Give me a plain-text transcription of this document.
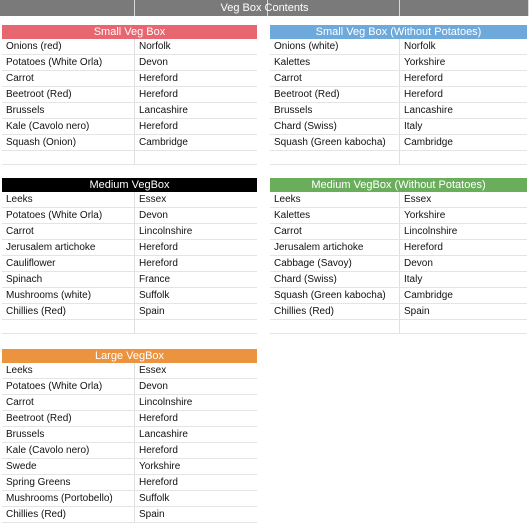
Veg Box Contents
Small Veg Box
Onions (red)	Norfolk
Potatoes (White Orla)	Devon
Carrot	Hereford
Beetroot (Red)	Hereford
Brussels	Lancashire
Kale (Cavolo nero)	Hereford
Squash (Onion)	Cambridge
Small Veg Box (Without Potatoes)
Onions (white)	Norfolk
Kalettes	Yorkshire
Carrot	Hereford
Beetroot (Red)	Hereford
Brussels	Lancashire
Chard (Swiss)	Italy
Squash (Green kabocha)	Cambridge
Medium VegBox
Leeks	Essex
Potatoes (White Orla)	Devon
Carrot	Lincolnshire
Jerusalem artichoke	Hereford
Cauliflower	Hereford
Spinach	France
Mushrooms (white)	Suffolk
Chillies (Red)	Spain
Medium VegBox (Without Potatoes)
Leeks	Essex
Kalettes	Yorkshire
Carrot	Lincolnshire
Jerusalem artichoke	Hereford
Cabbage (Savoy)	Devon
Chard (Swiss)	Italy
Squash (Green kabocha)	Cambridge
Chillies (Red)	Spain
Large VegBox
Leeks	Essex
Potatoes (White Orla)	Devon
Carrot	Lincolnshire
Beetroot (Red)	Hereford
Brussels	Lancashire
Kale (Cavolo nero)	Hereford
Swede	Yorkshire
Spring Greens	Hereford
Mushrooms (Portobello)	Suffolk
Chillies (Red)	Spain
